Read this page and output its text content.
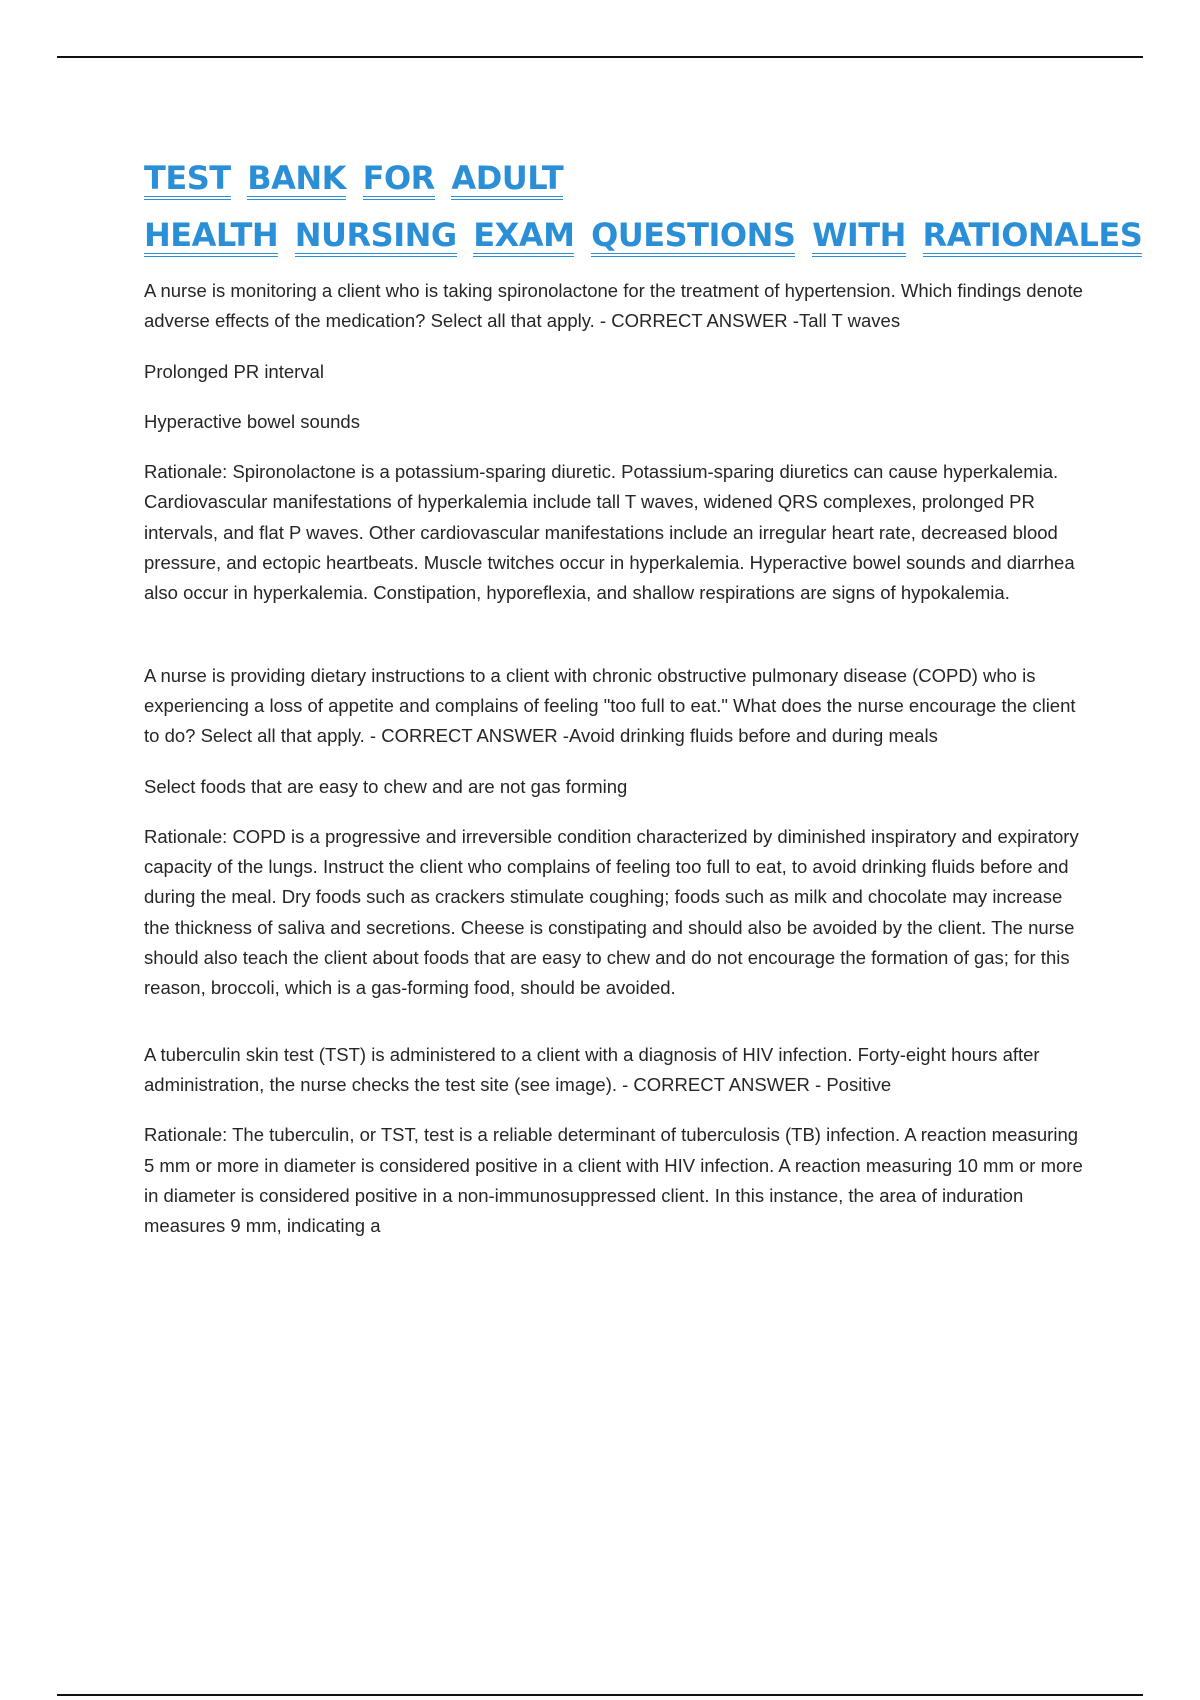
TEST BANK FOR ADULT
HEALTH NURSING EXAM QUESTIONS WITH RATIONALES

A nurse is monitoring a client who is taking spironolactone for the treatment of hypertension. Which findings denote adverse effects of the medication? Select all that apply. - CORRECT ANSWER -Tall T waves

Prolonged PR interval

Hyperactive bowel sounds

Rationale: Spironolactone is a potassium-sparing diuretic. Potassium-sparing diuretics can cause hyperkalemia. Cardiovascular manifestations of hyperkalemia include tall T waves, widened QRS complexes, prolonged PR intervals, and flat P waves. Other cardiovascular manifestations include an irregular heart rate, decreased blood pressure, and ectopic heartbeats. Muscle twitches occur in hyperkalemia. Hyperactive bowel sounds and diarrhea also occur in hyperkalemia. Constipation, hyporeflexia, and shallow respirations are signs of hypokalemia.

A nurse is providing dietary instructions to a client with chronic obstructive pulmonary disease (COPD) who is experiencing a loss of appetite and complains of feeling "too full to eat." What does the nurse encourage the client to do? Select all that apply. - CORRECT ANSWER -Avoid drinking fluids before and during meals

Select foods that are easy to chew and are not gas forming

Rationale: COPD is a progressive and irreversible condition characterized by diminished inspiratory and expiratory capacity of the lungs. Instruct the client who complains of feeling too full to eat, to avoid drinking fluids before and during the meal. Dry foods such as crackers stimulate coughing; foods such as milk and chocolate may increase the thickness of saliva and secretions. Cheese is constipating and should also be avoided by the client. The nurse should also teach the client about foods that are easy to chew and do not encourage the formation of gas; for this reason, broccoli, which is a gas-forming food, should be avoided.

A tuberculin skin test (TST) is administered to a client with a diagnosis of HIV infection. Forty-eight hours after administration, the nurse checks the test site (see image). - CORRECT ANSWER - Positive

Rationale: The tuberculin, or TST, test is a reliable determinant of tuberculosis (TB) infection. A reaction measuring 5 mm or more in diameter is considered positive in a client with HIV infection. A reaction measuring 10 mm or more in diameter is considered positive in a non-immunosuppressed client. In this instance, the area of induration measures 9 mm, indicating a
